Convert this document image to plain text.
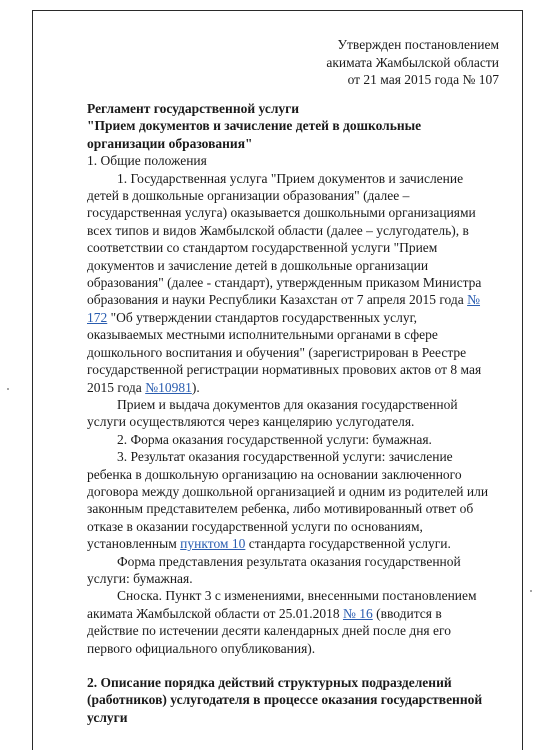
Утвержден постановлением
акимата Жамбылской области
от 21 мая 2015 года № 107

Регламент государственной услуги

"Прием документов и зачисление детей в дошкольные организации образования"

1. Общие положения

1. Государственная услуга "Прием документов и зачисление детей в дошкольные организации образования" (далее – государственная услуга) оказывается дошкольными организациями всех типов и видов Жамбылской области (далее – услугодатель), в соответствии со стандартом государственной услуги "Прием документов и зачисление детей в дошкольные организации образования" (далее - стандарт), утвержденным приказом Министра образования и науки Республики Казахстан от 7 апреля 2015 года № 172 "Об утверждении стандартов государственных услуг, оказываемых местными исполнительными органами в сфере дошкольного воспитания и обучения" (зарегистрирован в Реестре государственной регистрации нормативных провових актов от 8 мая 2015 года №10981).

Прием и выдача документов для оказания государственной услуги осуществляются через канцелярию услугодателя.

2. Форма оказания государственной услуги: бумажная.

3. Результат оказания государственной услуги: зачисление ребенка в дошкольную организацию на основании заключенного договора между дошкольной организацией и одним из родителей или законным представителем ребенка, либо мотивированный ответ об отказе в оказании государственной услуги по основаниям, установленным пунктом 10 стандарта государственной услуги.

Форма представления результата оказания государственной услуги: бумажная.

Сноска. Пункт 3 с изменениями, внесенными постановлением акимата Жамбылской области от 25.01.2018 № 16 (вводится в действие по истечении десяти календарных дней после дня его первого официального опубликования).

2. Описание порядка действий структурных подразделений (работников) услугодателя в процессе оказания государственной услуги
